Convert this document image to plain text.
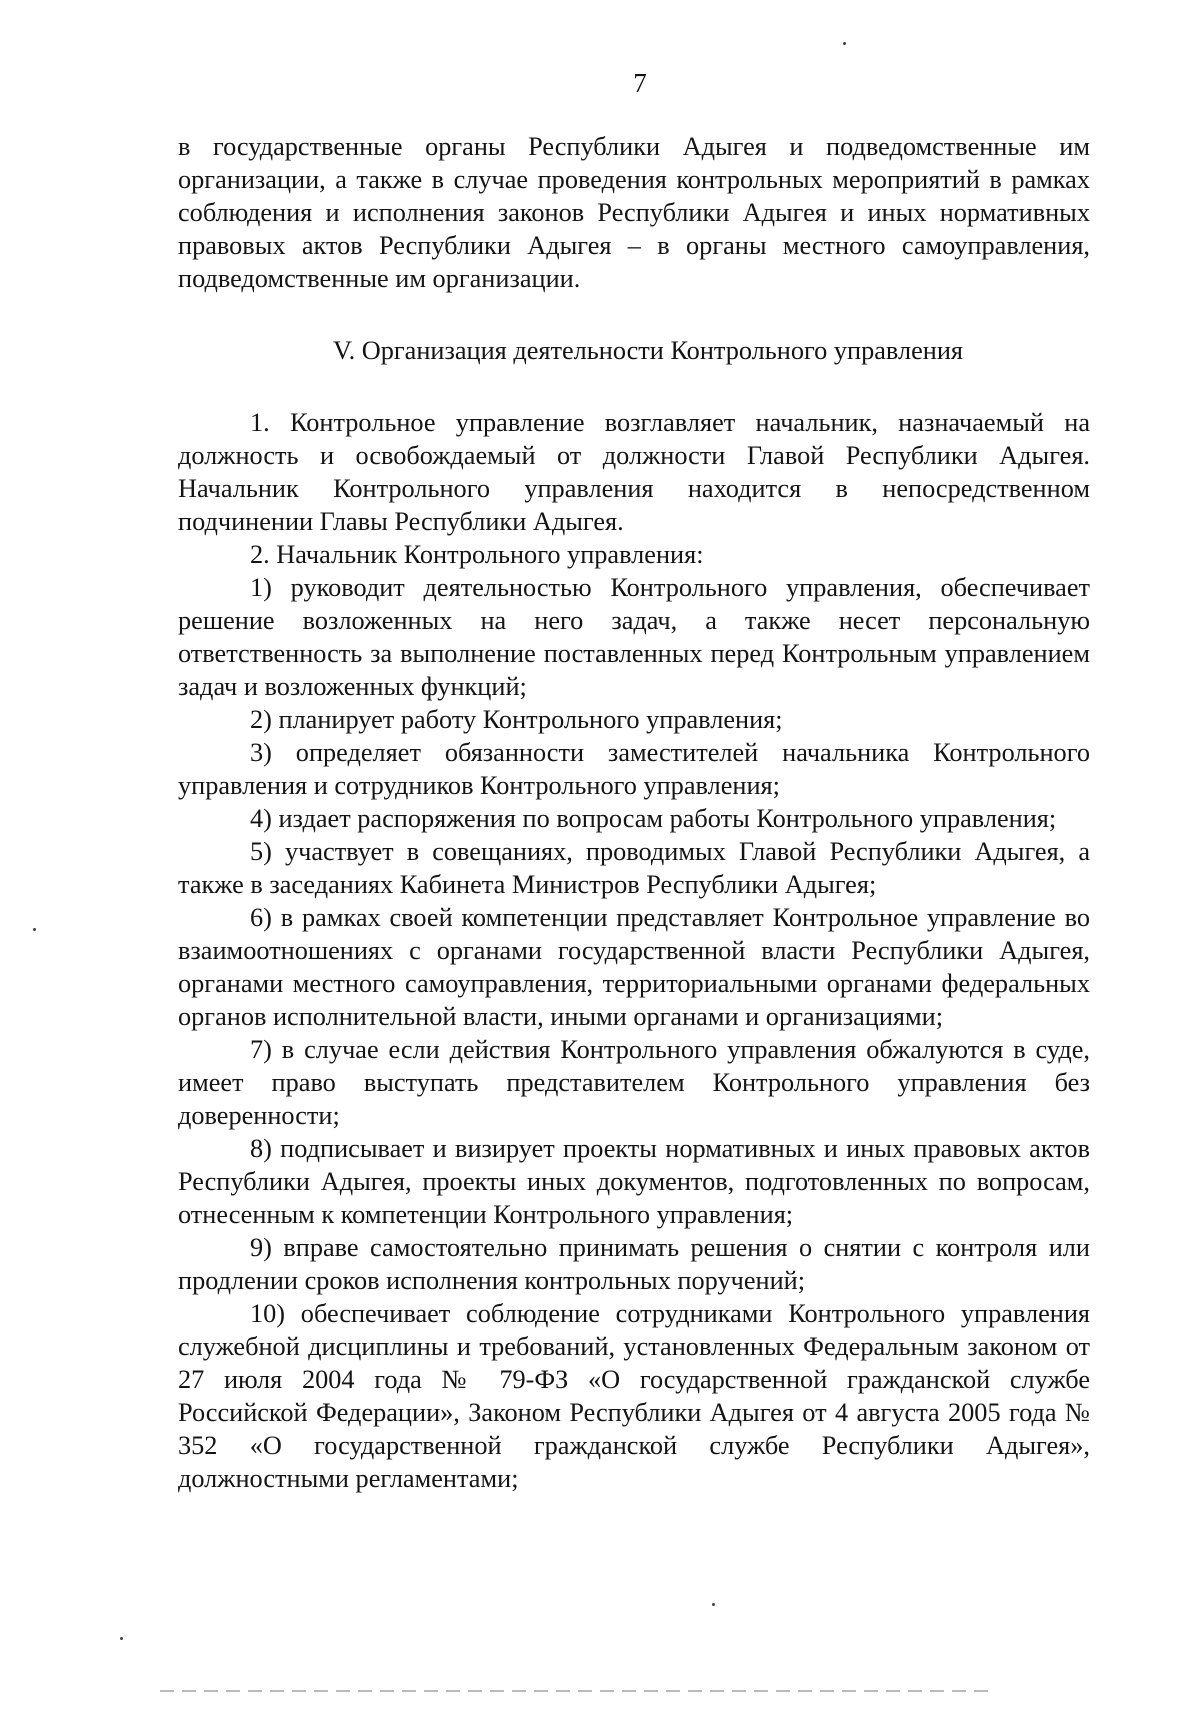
7

в государственные органы Республики Адыгея и подведомственные им организации, а также в случае проведения контрольных мероприятий в рамках соблюдения и исполнения законов Республики Адыгея и иных нормативных правовых актов Республики Адыгея – в органы местного самоуправления, подведомственные им организации.

V. Организация деятельности Контрольного управления

1. Контрольное управление возглавляет начальник, назначаемый на должность и освобождаемый от должности Главой Республики Адыгея. Начальник Контрольного управления находится в непосредственном подчинении Главы Республики Адыгея.

2. Начальник Контрольного управления:

1) руководит деятельностью Контрольного управления, обеспечивает решение возложенных на него задач, а также несет персональную ответственность за выполнение поставленных перед Контрольным управлением задач и возложенных функций;

2) планирует работу Контрольного управления;

3) определяет обязанности заместителей начальника Контрольного управления и сотрудников Контрольного управления;

4) издает распоряжения по вопросам работы Контрольного управления;

5) участвует в совещаниях, проводимых Главой Республики Адыгея, а также в заседаниях Кабинета Министров Республики Адыгея;

6) в рамках своей компетенции представляет Контрольное управление во взаимоотношениях с органами государственной власти Республики Адыгея, органами местного самоуправления, территориальными органами федеральных органов исполнительной власти, иными органами и организациями;

7) в случае если действия Контрольного управления обжалуются в суде, имеет право выступать представителем Контрольного управления без доверенности;

8) подписывает и визирует проекты нормативных и иных правовых актов Республики Адыгея, проекты иных документов, подготовленных по вопросам, отнесенным к компетенции Контрольного управления;

9) вправе самостоятельно принимать решения о снятии с контроля или продлении сроков исполнения контрольных поручений;

10) обеспечивает соблюдение сотрудниками Контрольного управления служебной дисциплины и требований, установленных Федеральным законом от 27 июля 2004 года № 79-ФЗ «О государственной гражданской службе Российской Федерации», Законом Республики Адыгея от 4 августа 2005 года № 352 «О государственной гражданской службе Республики Адыгея», должностными регламентами;
